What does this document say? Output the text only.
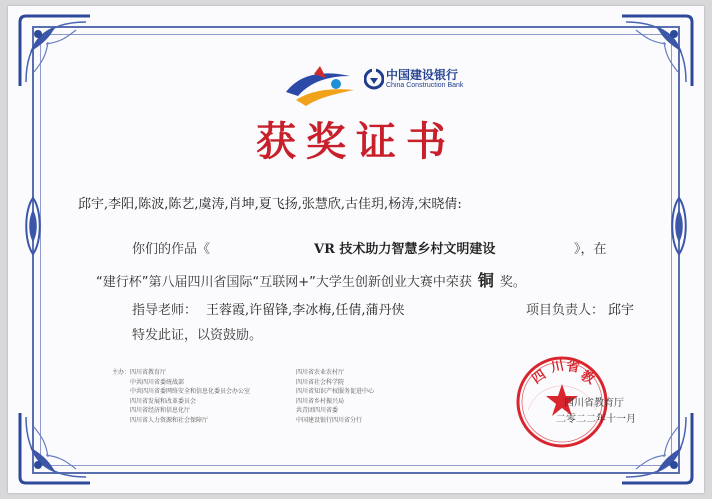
中国建设银行
China Construction Bank
获奖证书
邱宇,李阳,陈波,陈艺,虞涛,肖坤,夏飞扬,张慧欣,古佳玥,杨涛,宋晓倩:
你们的作品《	VR 技术助力智慧乡村文明建设	》，在
“建行杯”第八届四川省国际“互联网+”大学生创新创业大赛中荣获 铜 奖。
指导老师： 王蓉霞,许留锋,李冰梅,任倩,蒲丹侠	项目负责人： 邱宇
特发此证，以资鼓励。
主办： 四川省教育厅
中共四川省委统战部
中共四川省委网络安全和信息化委员会办公室
四川省发展和改革委员会
四川省经济和信息化厅
四川省人力资源和社会保障厅
四川省农业农村厅
四川省社会科学院
四川省知识产权服务促进中心
四川省乡村振兴局
共青团四川省委
中国建设银行四川省分行
四
川 省
教
四川省教育厅
二零二二年十一月
